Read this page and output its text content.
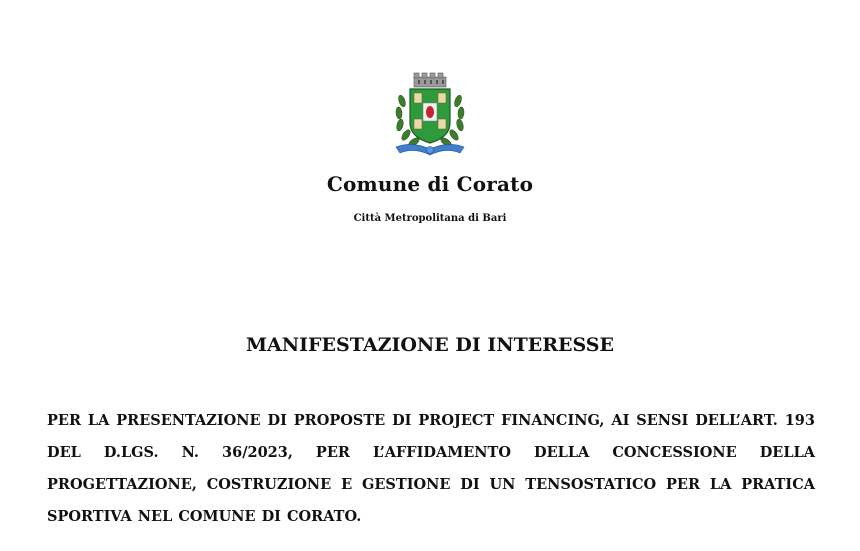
Comune di Corato
Città Metropolitana di Bari
MANIFESTAZIONE DI INTERESSE
PER LA PRESENTAZIONE DI PROPOSTE DI PROJECT FINANCING, AI SENSI DELL’ART. 193 DEL D.LGS. N. 36/2023, PER L’AFFIDAMENTO DELLA CONCESSIONE DELLA PROGETTAZIONE, COSTRUZIONE E GESTIONE DI UN TENSOSTATICO PER LA PRATICA SPORTIVA NEL COMUNE DI CORATO.
